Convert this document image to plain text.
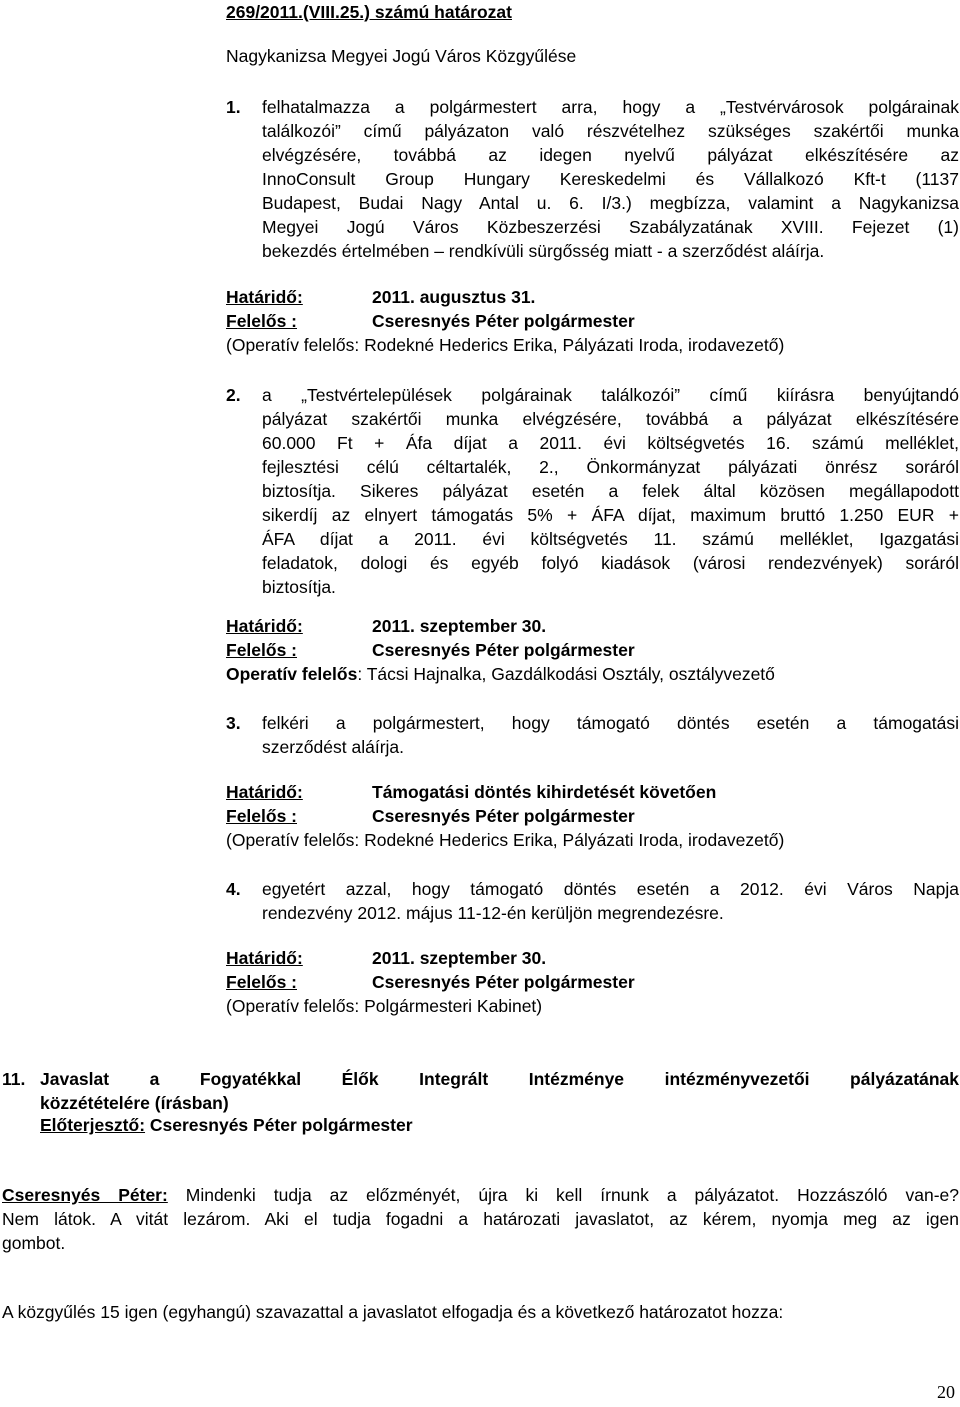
269/2011.(VIII.25.) számú határozat
Nagykanizsa Megyei Jogú Város Közgyűlése
1. felhatalmazza a polgármestert arra, hogy a „Testvérvárosok polgárainak
találkozói” című pályázaton való részvételhez szükséges szakértői munka
elvégzésére, továbbá az idegen nyelvű pályázat elkészítésére az
InnoConsult Group Hungary Kereskedelmi és Vállalkozó Kft-t (1137
Budapest, Budai Nagy Antal u. 6. I/3.) megbízza, valamint a Nagykanizsa
Megyei Jogú Város Közbeszerzési Szabályzatának XVIII. Fejezet (1)
bekezdés értelmében – rendkívüli sürgősség miatt - a szerződést aláírja.
Határidő:	2011. augusztus 31.
Felelős :	Cseresnyés Péter polgármester
(Operatív felelős: Rodekné Hederics Erika, Pályázati Iroda, irodavezető)
2. a „Testvértelepülések polgárainak találkozói” című kiírásra benyújtandó
pályázat szakértői munka elvégzésére, továbbá a pályázat elkészítésére
60.000 Ft + Áfa díjat a 2011. évi költségvetés 16. számú melléklet,
fejlesztési célú céltartalék, 2., Önkormányzat pályázati önrész soráról
biztosítja. Sikeres pályázat esetén a felek által közösen megállapodott
sikerdíj az elnyert támogatás 5% + ÁFA díjat, maximum bruttó 1.250 EUR +
ÁFA díjat a 2011. évi költségvetés 11. számú melléklet, Igazgatási
feladatok, dologi és egyéb folyó kiadások (városi rendezvények) soráról
biztosítja.
Határidő:	2011. szeptember 30.
Felelős :	Cseresnyés Péter polgármester
Operatív felelős: Tácsi Hajnalka, Gazdálkodási Osztály, osztályvezető
3. felkéri a polgármestert, hogy támogató döntés esetén a támogatási
szerződést aláírja.
Határidő:	Támogatási döntés kihirdetését követően
Felelős :	Cseresnyés Péter polgármester
(Operatív felelős: Rodekné Hederics Erika, Pályázati Iroda, irodavezető)
4. egyetért azzal, hogy támogató döntés esetén a 2012. évi Város Napja
rendezvény 2012. május 11-12-én kerüljön megrendezésre.
Határidő:	2011. szeptember 30.
Felelős :	Cseresnyés Péter polgármester
(Operatív felelős: Polgármesteri Kabinet)
11. Javaslat a Fogyatékkal Élők Integrált Intézménye intézményvezetői pályázatának
közzétételére (írásban)
Előterjesztő: Cseresnyés Péter polgármester
Cseresnyés Péter: Mindenki tudja az előzményét, újra ki kell írnunk a pályázatot. Hozzászóló van-e?
Nem látok. A vitát lezárom. Aki el tudja fogadni a határozati javaslatot, az kérem, nyomja meg az igen
gombot.
A közgyűlés 15 igen (egyhangú) szavazattal a javaslatot elfogadja és a következő határozatot hozza:
20
